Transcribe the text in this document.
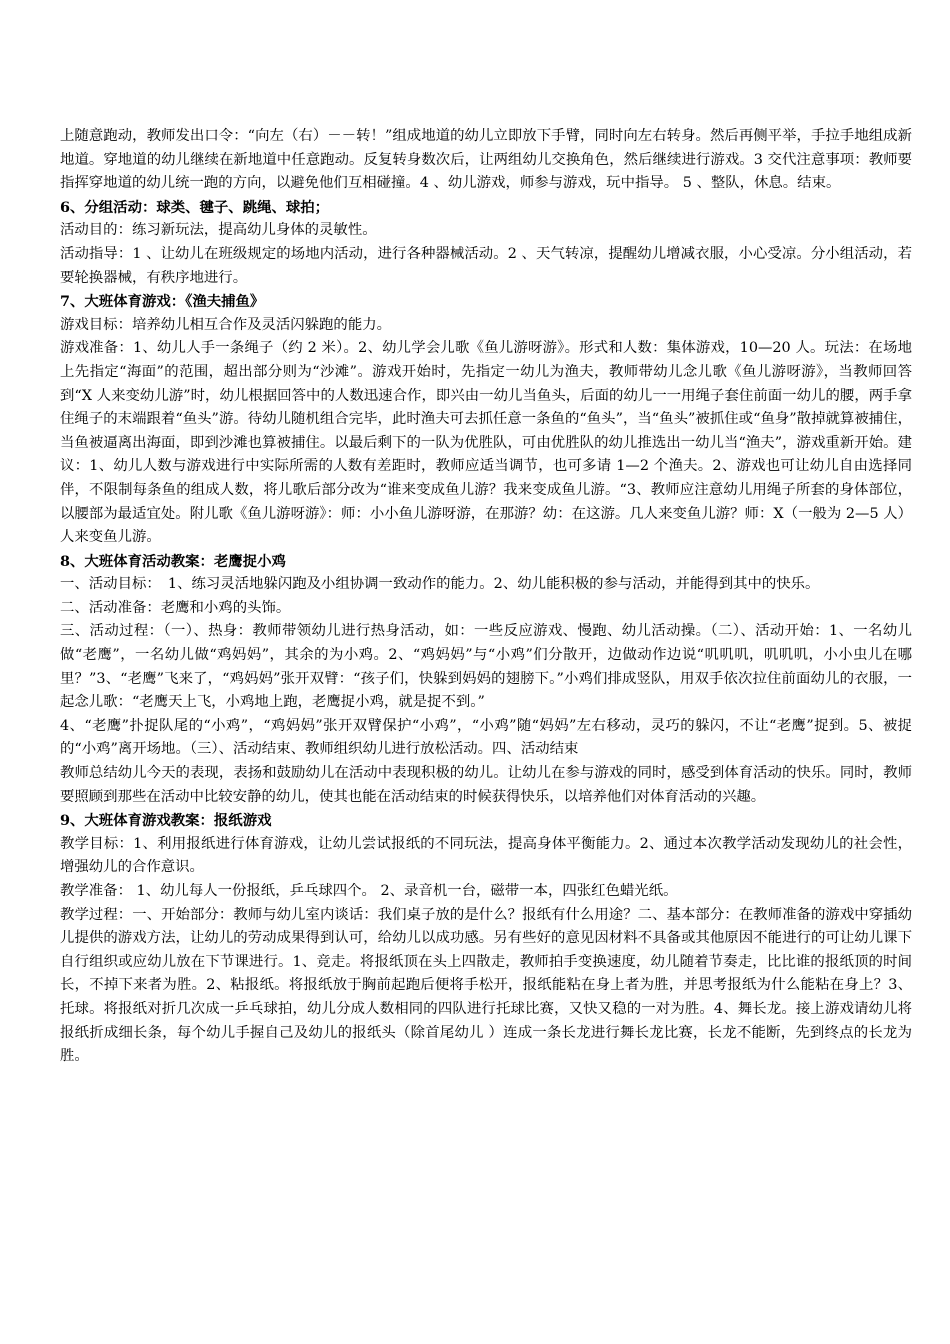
上随意跑动，教师发出口令：“向左（右）－－转！”组成地道的幼儿立即放下手臂，同时向左右转身。然后再侧平举，手拉手地组成新地道。穿地道的幼儿继续在新地道中任意跑动。反复转身数次后，让两组幼儿交换角色，然后继续进行游戏。3 交代注意事项：教师要指挥穿地道的幼儿统一跑的方向，以避免他们互相碰撞。4 、幼儿游戏，师参与游戏，玩中指导。 5 、整队，休息。结束。

6、分组活动：球类、毽子、跳绳、球拍；

活动目的：练习新玩法，提高幼儿身体的灵敏性。

活动指导：1 、让幼儿在班级规定的场地内活动，进行各种器械活动。2 、天气转凉，提醒幼儿增减衣服，小心受凉。分小组活动，若要轮换器械，有秩序地进行。

7、大班体育游戏：《渔夫捕鱼》

游戏目标：培养幼儿相互合作及灵活闪躲跑的能力。

游戏准备：1、幼儿人手一条绳子（约 2 米）。2、幼儿学会儿歌《鱼儿游呀游》。形式和人数：集体游戏，10—20 人。玩法：在场地上先指定“海面”的范围，超出部分则为“沙滩”。游戏开始时，先指定一幼儿为渔夫，教师带幼儿念儿歌《鱼儿游呀游》，当教师回答到“X 人来变幼儿游”时，幼儿根据回答中的人数迅速合作，即兴由一幼儿当鱼头，后面的幼儿一一用绳子套住前面一幼儿的腰，两手拿住绳子的末端跟着“鱼头”游。待幼儿随机组合完毕，此时渔夫可去抓任意一条鱼的“鱼头”，当“鱼头”被抓住或“鱼身”散掉就算被捕住，当鱼被逼离出海面，即到沙滩也算被捕住。以最后剩下的一队为优胜队，可由优胜队的幼儿推选出一幼儿当“渔夫”，游戏重新开始。建议：1、幼儿人数与游戏进行中实际所需的人数有差距时，教师应适当调节，也可多请 1—2 个渔夫。2、游戏也可让幼儿自由选择同伴，不限制每条鱼的组成人数，将儿歌后部分改为“谁来变成鱼儿游？我来变成鱼儿游。“3、教师应注意幼儿用绳子所套的身体部位，以腰部为最适宜处。附儿歌《鱼儿游呀游》：师：小小鱼儿游呀游，在那游？幼：在这游。几人来变鱼儿游？师：X（一般为 2—5 人）人来变鱼儿游。

8、大班体育活动教案：老鹰捉小鸡

一、活动目标：　1、练习灵活地躲闪跑及小组协调一致动作的能力。2、幼儿能积极的参与活动，并能得到其中的快乐。

二、活动准备：老鹰和小鸡的头饰。

三、活动过程：（一）、热身：教师带领幼儿进行热身活动，如：一些反应游戏、慢跑、幼儿活动操。（二）、活动开始：1、一名幼儿做“老鹰”，一名幼儿做“鸡妈妈”，其余的为小鸡。2、“鸡妈妈”与“小鸡”们分散开，边做动作边说“叽叽叽，叽叽叽，小小虫儿在哪里？”3、“老鹰”飞来了，“鸡妈妈”张开双臂：“孩子们，快躲到妈妈的翅膀下。”小鸡们排成竖队，用双手依次拉住前面幼儿的衣服，一起念儿歌：“老鹰天上飞，小鸡地上跑，老鹰捉小鸡，就是捉不到。”

4、“老鹰”扑捉队尾的“小鸡”，“鸡妈妈”张开双臂保护“小鸡”，“小鸡”随“妈妈”左右移动，灵巧的躲闪，不让“老鹰”捉到。5、被捉的“小鸡”离开场地。（三）、活动结束、教师组织幼儿进行放松活动。四、活动结束

教师总结幼儿今天的表现，表扬和鼓励幼儿在活动中表现积极的幼儿。让幼儿在参与游戏的同时，感受到体育活动的快乐。同时，教师要照顾到那些在活动中比较安静的幼儿，使其也能在活动结束的时候获得快乐，以培养他们对体育活动的兴趣。

9、大班体育游戏教案：报纸游戏

教学目标：1、利用报纸进行体育游戏，让幼儿尝试报纸的不同玩法，提高身体平衡能力。2、通过本次教学活动发现幼儿的社会性，增强幼儿的合作意识。

教学准备： 1、幼儿每人一份报纸，乒乓球四个。 2、录音机一台，磁带一本，四张红色蜡光纸。

教学过程：一、开始部分：教师与幼儿室内谈话：我们桌子放的是什么？报纸有什么用途？二、基本部分：在教师准备的游戏中穿插幼儿提供的游戏方法，让幼儿的劳动成果得到认可，给幼儿以成功感。另有些好的意见因材料不具备或其他原因不能进行的可让幼儿课下自行组织或应幼儿放在下节课进行。1、竞走。将报纸顶在头上四散走，教师拍手变换速度，幼儿随着节奏走，比比谁的报纸顶的时间长，不掉下来者为胜。2、粘报纸。将报纸放于胸前起跑后便将手松开，报纸能粘在身上者为胜，并思考报纸为什么能粘在身上？3、托球。将报纸对折几次成一乒乓球拍，幼儿分成人数相同的四队进行托球比赛，又快又稳的一对为胜。4、舞长龙。接上游戏请幼儿将报纸折成细长条，每个幼儿手握自己及幼儿的报纸头（除首尾幼儿 ）连成一条长龙进行舞长龙比赛，长龙不能断，先到终点的长龙为胜。
